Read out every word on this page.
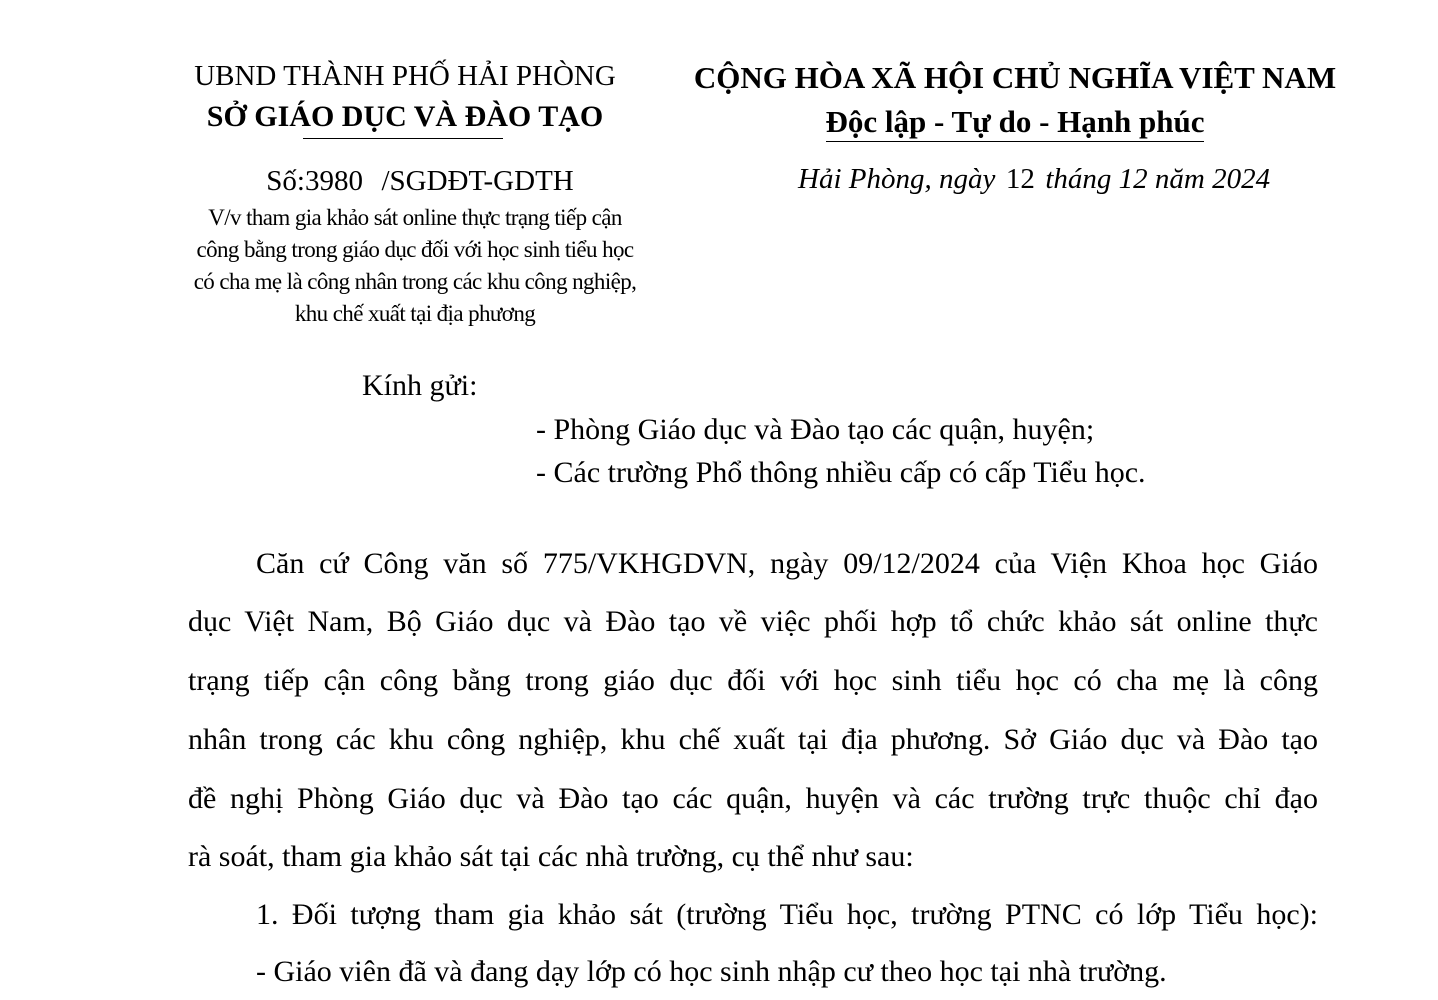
UBND THÀNH PHỐ HẢI PHÒNG
SỞ GIÁO DỤC VÀ ĐÀO TẠO
Số:3980 /SGDĐT-GDTH
V/v tham gia khảo sát online thực trạng tiếp cận
công bằng trong giáo dục đối với học sinh tiểu học
có cha mẹ là công nhân trong các khu công nghiệp,
khu chế xuất tại địa phương
CỘNG HÒA XÃ HỘI CHỦ NGHĨA VIỆT NAM
Độc lập - Tự do - Hạnh phúc
Hải Phòng, ngày 12 tháng 12 năm 2024
Kính gửi:
- Phòng Giáo dục và Đào tạo các quận, huyện;
- Các trường Phổ thông nhiều cấp có cấp Tiểu học.
Căn cứ Công văn số 775/VKHGDVN, ngày 09/12/2024 của Viện Khoa học Giáo
dục Việt Nam, Bộ Giáo dục và Đào tạo về việc phối hợp tổ chức khảo sát online thực
trạng tiếp cận công bằng trong giáo dục đối với học sinh tiểu học có cha mẹ là công
nhân trong các khu công nghiệp, khu chế xuất tại địa phương. Sở Giáo dục và Đào tạo
đề nghị Phòng Giáo dục và Đào tạo các quận, huyện và các trường trực thuộc chỉ đạo
rà soát, tham gia khảo sát tại các nhà trường, cụ thể như sau:
1. Đối tượng tham gia khảo sát (trường Tiểu học, trường PTNC có lớp Tiểu học):
- Giáo viên đã và đang dạy lớp có học sinh nhập cư theo học tại nhà trường.
